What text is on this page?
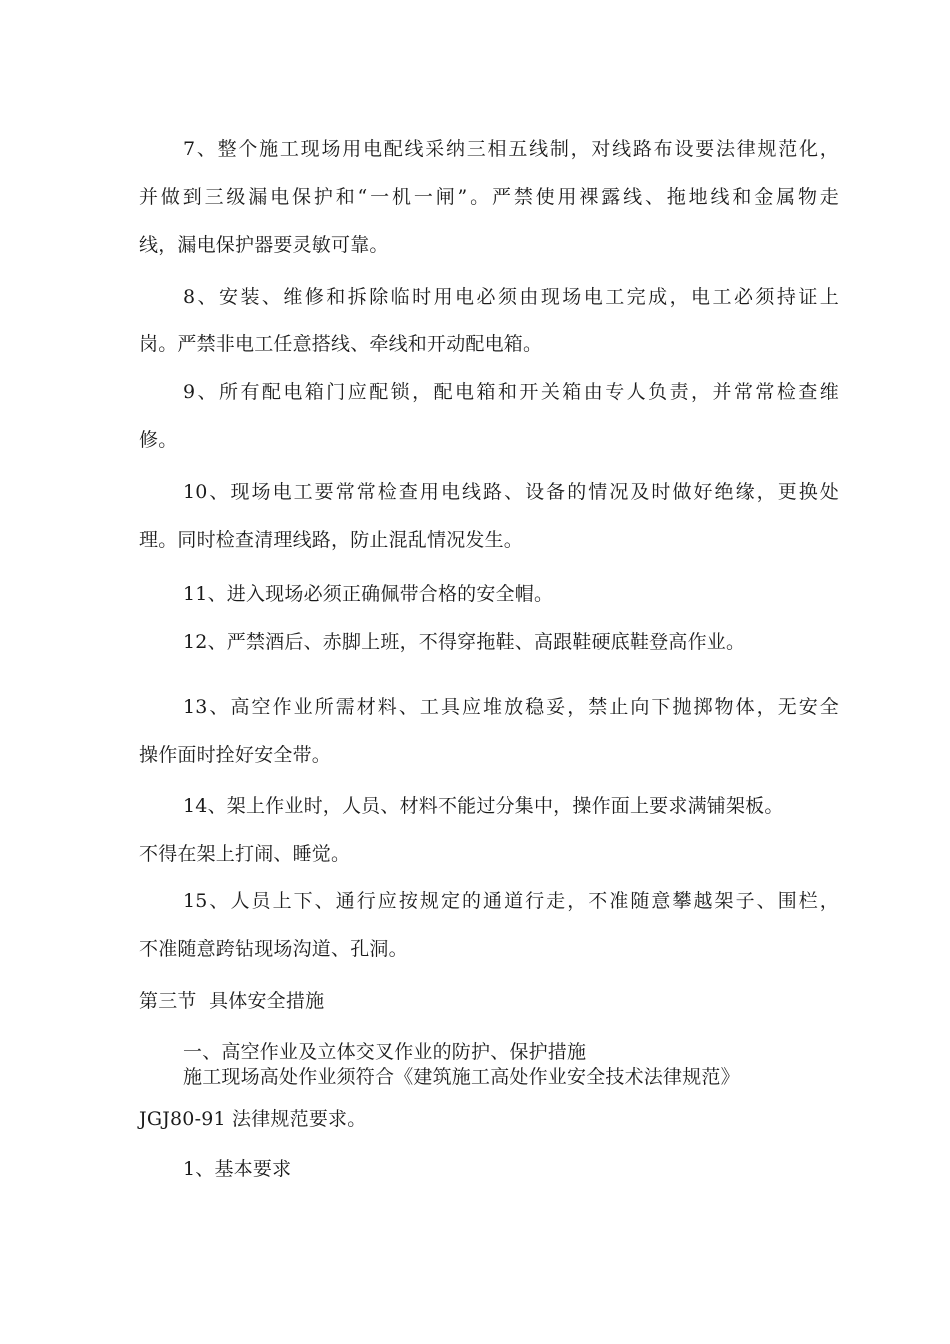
7、整个施工现场用电配线采纳三相五线制，对线路布设要法律规范化，
并做到三级漏电保护和“一机一闸”。严禁使用裸露线、拖地线和金属物走
线，漏电保护器要灵敏可靠。
8、安装、维修和拆除临时用电必须由现场电工完成，电工必须持证上
岗。严禁非电工任意搭线、牵线和开动配电箱。
9、所有配电箱门应配锁，配电箱和开关箱由专人负责，并常常检查维
修。
10、现场电工要常常检查用电线路、设备的情况及时做好绝缘，更换处
理。同时检查清理线路，防止混乱情况发生。
11、进入现场必须正确佩带合格的安全帽。
12、严禁酒后、赤脚上班，不得穿拖鞋、高跟鞋硬底鞋登高作业。
13、高空作业所需材料、工具应堆放稳妥，禁止向下抛掷物体，无安全
操作面时拴好安全带。
14、架上作业时，人员、材料不能过分集中，操作面上要求满铺架板。
不得在架上打闹、睡觉。
15、人员上下、通行应按规定的通道行走，不准随意攀越架子、围栏，
不准随意跨钻现场沟道、孔洞。
第三节  具体安全措施
一、高空作业及立体交叉作业的防护、保护措施
施工现场高处作业须符合《建筑施工高处作业安全技术法律规范》
JGJ80-91 法律规范要求。
1、基本要求
